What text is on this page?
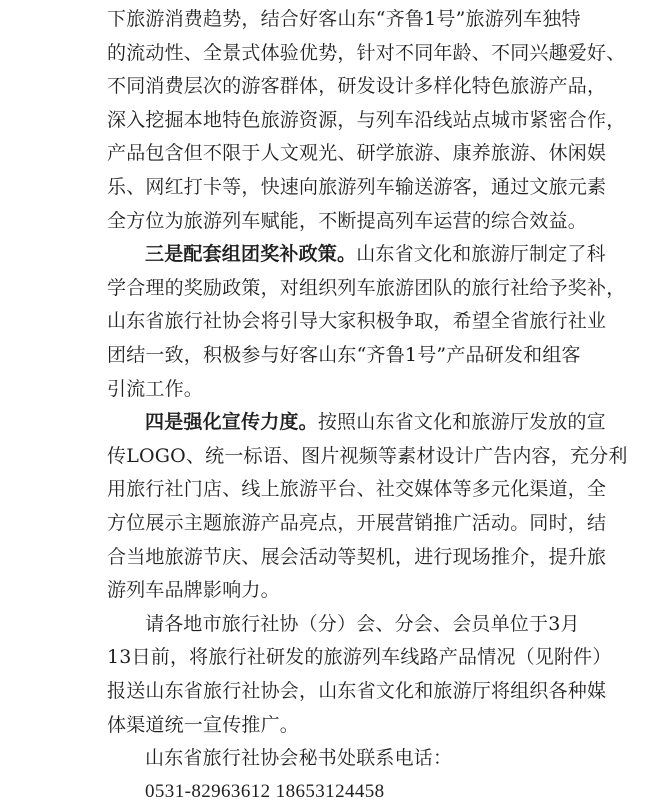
下旅游消费趋势，结合好客山东“齐鲁1号”旅游列车独特
的流动性、全景式体验优势，针对不同年龄、不同兴趣爱好、
不同消费层次的游客群体，研发设计多样化特色旅游产品，
深入挖掘本地特色旅游资源，与列车沿线站点城市紧密合作，
产品包含但不限于人文观光、研学旅游、康养旅游、休闲娱
乐、网红打卡等，快速向旅游列车输送游客，通过文旅元素
全方位为旅游列车赋能，不断提高列车运营的综合效益。
三是配套组团奖补政策。山东省文化和旅游厅制定了科
学合理的奖励政策，对组织列车旅游团队的旅行社给予奖补，
山东省旅行社协会将引导大家积极争取，希望全省旅行社业
团结一致，积极参与好客山东“齐鲁1号”产品研发和组客
引流工作。
四是强化宣传力度。按照山东省文化和旅游厅发放的宣
传LOGO、统一标语、图片视频等素材设计广告内容，充分利
用旅行社门店、线上旅游平台、社交媒体等多元化渠道，全
方位展示主题旅游产品亮点，开展营销推广活动。同时，结
合当地旅游节庆、展会活动等契机，进行现场推介，提升旅
游列车品牌影响力。
请各地市旅行社协（分）会、分会、会员单位于3月
13日前，将旅行社研发的旅游列车线路产品情况（见附件）
报送山东省旅行社协会，山东省文化和旅游厅将组织各种媒
体渠道统一宣传推广。
山东省旅行社协会秘书处联系电话：
0531-82963612 18653124458
